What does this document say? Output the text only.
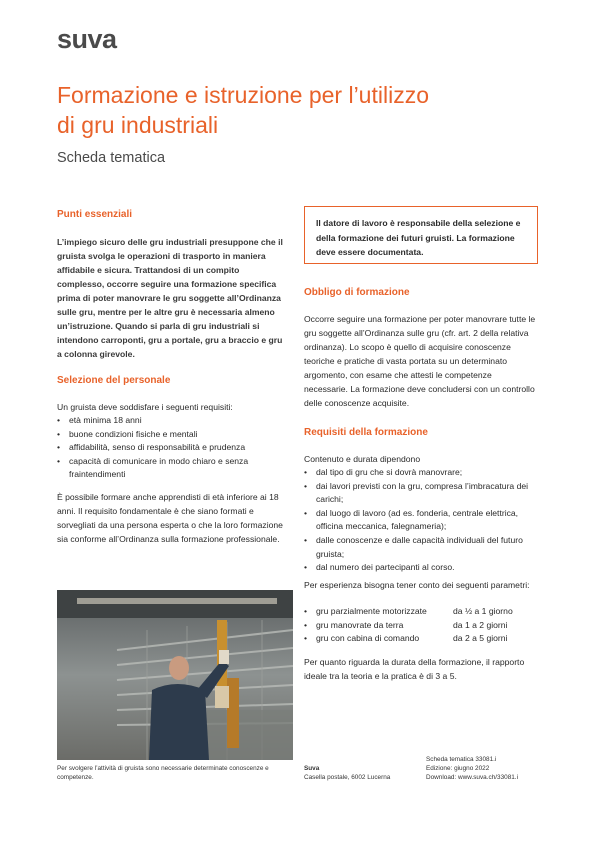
suva
Formazione e istruzione per l’utilizzo
di gru industriali
Scheda tematica
Punti essenziali
L’impiego sicuro delle gru industriali presuppone che il gruista svolga le operazioni di trasporto in maniera affidabile e sicura. Trattandosi di un compito complesso, occorre seguire una formazione specifica prima di poter manovrare le gru soggette all’Ordinanza sulle gru, mentre per le altre gru è necessaria almeno un’istruzione. Quando si parla di gru industriali si intendono carroponti, gru a portale, gru a braccio e gru a colonna girevole.
Selezione del personale
Un gruista deve soddisfare i seguenti requisiti:
• età minima 18 anni
• buone condizioni fisiche e mentali
• affidabilità, senso di responsabilità e prudenza
• capacità di comunicare in modo chiaro e senza fraintendimenti
È possibile formare anche apprendisti di età inferiore ai 18 anni. Il requisito fondamentale è che siano formati e sorvegliati da una persona esperta o che la loro formazione sia conforme all’Ordinanza sulla formazione professionale.
Per svolgere l’attività di gruista sono necessarie determinate conoscenze e competenze.
Il datore di lavoro è responsabile della selezione e della formazione dei futuri gruisti. La formazione deve essere documentata.
Obbligo di formazione
Occorre seguire una formazione per poter manovrare tutte le gru soggette all’Ordinanza sulle gru (cfr. art. 2 della relativa ordinanza). Lo scopo è quello di acquisire conoscenze teoriche e pratiche di vasta portata su un determinato argomento, con esame che attesti le competenze necessarie. La formazione deve concludersi con un controllo delle conoscenze acquisite.
Requisiti della formazione
Contenuto e durata dipendono
• dal tipo di gru che si dovrà manovrare;
• dai lavori previsti con la gru, compresa l’imbracatura dei carichi;
• dal luogo di lavoro (ad es. fonderia, centrale elettrica, officina meccanica, falegnameria);
• dalle conoscenze e dalle capacità individuali del futuro gruista;
• dal numero dei partecipanti al corso.
Per esperienza bisogna tener conto dei seguenti parametri:
• gru parzialmente motorizzate	da ½ a 1 giorno
• gru manovrate da terra	da 1 a 2 giorni
• gru con cabina di comando	da 2 a 5 giorni
Per quanto riguarda la durata della formazione, il rapporto ideale tra la teoria e la pratica è di 3 a 5.
Suva
Casella postale, 6002 Lucerna
Scheda tematica 33081.i
Edizione: giugno 2022
Download: www.suva.ch/33081.i
